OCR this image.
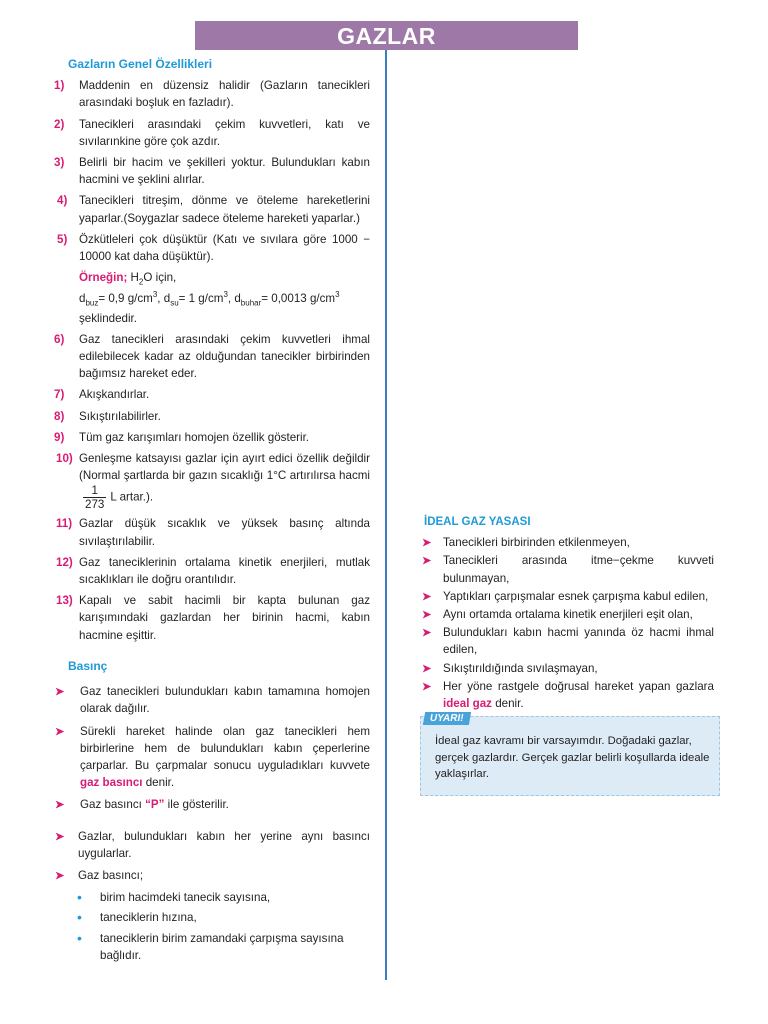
GAZLAR
Gazların Genel Özellikleri
1) Maddenin en düzensiz halidir (Gazların tanecikleri arasındaki boşluk en fazladır).
2) Tanecikleri arasındaki çekim kuvvetleri, katı ve sıvılarınkine göre çok azdır.
3) Belirli bir hacim ve şekilleri yoktur. Bulundukları kabın hacmini ve şeklini alırlar.
4) Tanecikleri titreşim, dönme ve öteleme hareketlerini yaparlar.(Soygazlar sadece öteleme hareketi yaparlar.)
5) Özkütleleri çok düşüktür (Katı ve sıvılara göre 1000 − 10000 kat daha düşüktür).
Örneğin; $H_2O$ için,
$d_{buz}= 0,9$ $g/cm^3$, $d_{su}= 1$ $g/cm^3$, $d_{buhar}= 0,0013$ $g/cm^3$
şeklindedir.
6) Gaz tanecikleri arasındaki çekim kuvvetleri ihmal edilebilecek kadar az olduğundan tanecikler birbirinden bağımsız hareket eder.
7) Akışkandırlar.
8) Sıkıştırılabilirler.
9) Tüm gaz karışımları homojen özellik gösterir.
10) Genleşme katsayısı gazlar için ayırt edici özellik değildir (Normal şartlarda bir gazın sıcaklığı 1°C artırılırsa hacmi
$\frac{1}{273}$ L artar.).
11) Gazlar düşük sıcaklık ve yüksek basınç altında sıvılaştırılabilir.
12) Gaz taneciklerinin ortalama kinetik enerjileri, mutlak sıcaklıkları ile doğru orantılıdır.
13) Kapalı ve sabit hacimli bir kapta bulunan gaz karışımındaki gazlardan her birinin hacmi, kabın hacmine eşittir.
Basınç
➤ Gaz tanecikleri bulundukları kabın tamamına homojen olarak dağılır.
➤ Sürekli hareket halinde olan gaz tanecikleri hem birbirlerine hem de bulundukları kabın çeperlerine çarparlar. Bu çarpmalar sonucu uyguladıkları kuvvete gaz basıncı denir.
➤ Gaz basıncı “P” ile gösterilir.
➤ Gazlar, bulundukları kabın her yerine aynı basıncı uygularlar.
➤ Gaz basıncı;
• birim hacimdeki tanecik sayısına,
• taneciklerin hızına,
• taneciklerin birim zamandaki çarpışma sayısına bağlıdır.
İDEAL GAZ YASASI
➤ Tanecikleri birbirinden etkilenmeyen,
➤ Tanecikleri arasında itme−çekme kuvveti bulunmayan,
➤ Yaptıkları çarpışmalar esnek çarpışma kabul edilen,
➤ Aynı ortamda ortalama kinetik enerjileri eşit olan,
➤ Bulundukları kabın hacmi yanında öz hacmi ihmal edilen,
➤ Sıkıştırıldığında sıvılaşmayan,
➤ Her yöne rastgele doğrusal hareket yapan gazlara ideal gaz denir.
UYARI!
İdeal gaz kavramı bir varsayımdır. Doğadaki gazlar, gerçek gazlardır. Gerçek gazlar belirli koşullarda ideale yaklaşırlar.
